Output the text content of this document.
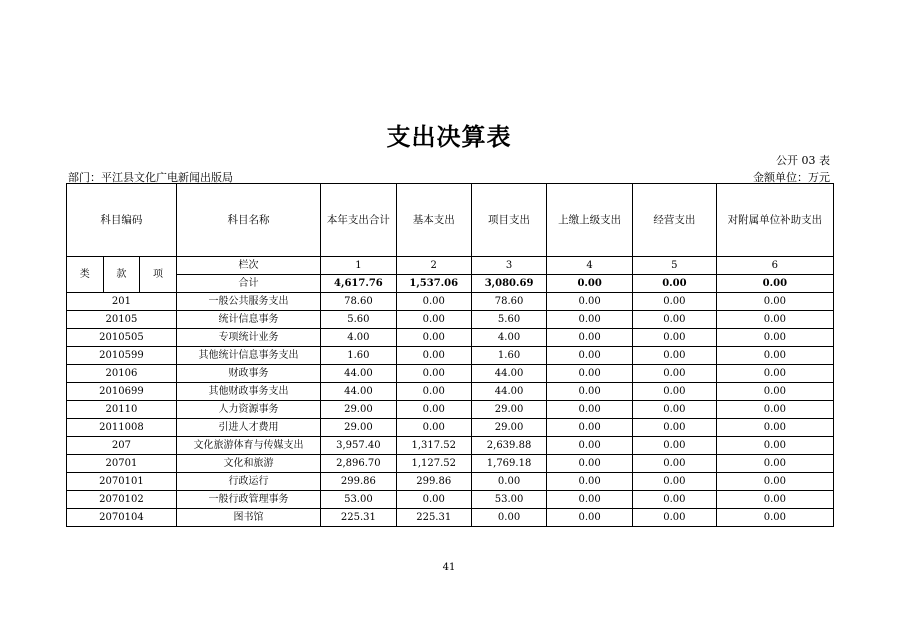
支出决算表
公开 03 表
部门：平江县文化广电新闻出版局	金额单位：万元
科目编码			科目名称	本年支出合计	基本支出	项目支出	上缴上级支出	经营支出	对附属单位补助支出
类	款	项	栏次	1	2	3	4	5	6
			合计	4,617.76	1,537.06	3,080.69	0.00	0.00	0.00
201			一般公共服务支出	78.60	0.00	78.60	0.00	0.00	0.00
20105			统计信息事务	5.60	0.00	5.60	0.00	0.00	0.00
2010505			专项统计业务	4.00	0.00	4.00	0.00	0.00	0.00
2010599			其他统计信息事务支出	1.60	0.00	1.60	0.00	0.00	0.00
20106			财政事务	44.00	0.00	44.00	0.00	0.00	0.00
2010699			其他财政事务支出	44.00	0.00	44.00	0.00	0.00	0.00
20110			人力资源事务	29.00	0.00	29.00	0.00	0.00	0.00
2011008			引进人才费用	29.00	0.00	29.00	0.00	0.00	0.00
207			文化旅游体育与传媒支出	3,957.40	1,317.52	2,639.88	0.00	0.00	0.00
20701			文化和旅游	2,896.70	1,127.52	1,769.18	0.00	0.00	0.00
2070101			行政运行	299.86	299.86	0.00	0.00	0.00	0.00
2070102			一般行政管理事务	53.00	0.00	53.00	0.00	0.00	0.00
2070104			图书馆	225.31	225.31	0.00	0.00	0.00	0.00
41
